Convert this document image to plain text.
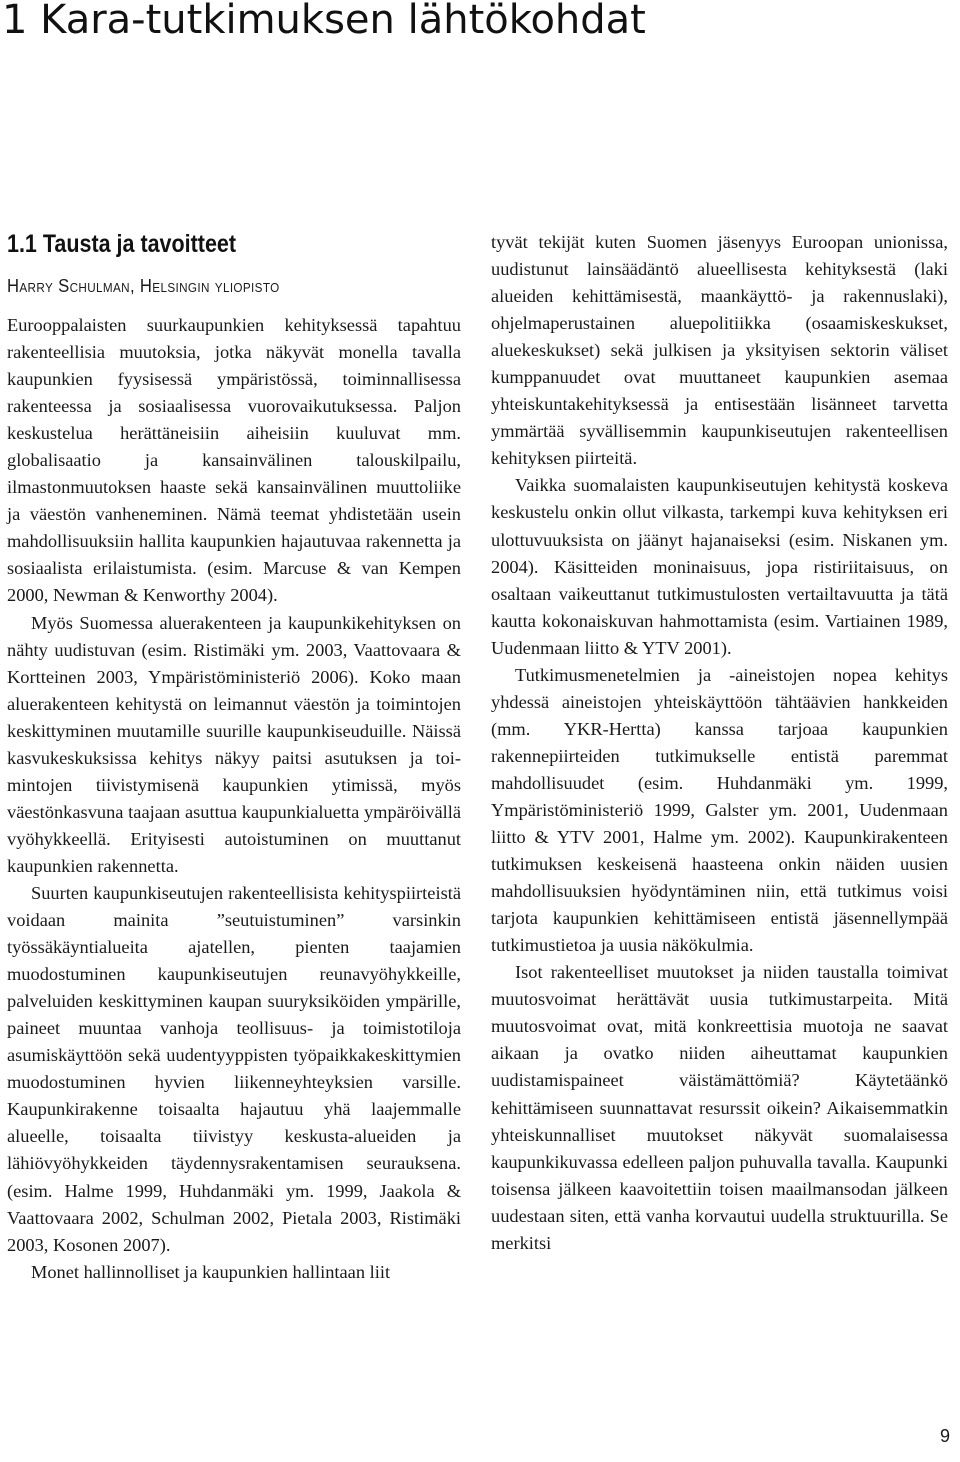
1 Kara-tutkimuksen lähtökohdat
1.1 Tausta ja tavoitteet
Harry Schulman, Helsingin yliopisto

Eurooppalaisten suurkaupunkien kehityksessä tapahtuu rakenteellisia muutoksia, jotka näkyvät monella tavalla kaupunkien fyysisessä ympäristössä, toiminnallisessa rakenteessa ja sosiaalisessa vuorovaikutuksessa. Paljon keskustelua herättäneisiin aiheisiin kuuluvat mm. globalisaatio ja kansainvälinen talouskilpailu, ilmastonmuutoksen haaste sekä kansainvälinen muuttoliike ja väestön vanheneminen. Nämä teemat yhdistetään usein mahdollisuuksiin hallita kaupunkien hajautuvaa rakennetta ja sosiaalista erilaistumista. (esim. Marcuse & van Kempen 2000, Newman & Kenworthy 2004).

Myös Suomessa aluerakenteen ja kaupunkikehityksen on nähty uudistuvan (esim. Ristimäki ym. 2003, Vaattovaara & Kortteinen 2003, Ympäristöministeriö 2006). Koko maan aluerakenteen kehitystä on leimannut väestön ja toimintojen keskittyminen muutamille suurille kaupunkiseuduille. Näissä kasvukeskuksissa kehitys näkyy paitsi asutuksen ja toimintojen tiivistymisenä kaupunkien ytimissä, myös väestönkasvuna taajaan asuttua kaupunkialuetta ympäröivällä vyöhykkeellä. Erityisesti autoistuminen on muuttanut kaupunkien rakennetta.

Suurten kaupunkiseutujen rakenteellisista kehityspiirteistä voidaan mainita ”seutuistuminen” varsinkin työssäkäyntialueita ajatellen, pienten taajamien muodostuminen kaupunkiseutujen reunavyöhykkeille, palveluiden keskittyminen kaupan suuryksiköiden ympärille, paineet muuntaa vanhoja teollisuus- ja toimistotiloja asumiskäyttöön sekä uudentyyppisten työpaikkakeskittymien muodostuminen hyvien liikenneyhteyksien varsille. Kaupunkirakenne toisaalta hajautuu yhä laajemmalle alueelle, toisaalta tiivistyy keskusta-alueiden ja lähiövyöhykkeiden täydennysrakentamisen seurauksena. (esim. Halme 1999, Huhdanmäki ym. 1999, Jaakola & Vaattovaara 2002, Schulman 2002, Pietala 2003, Ristimäki 2003, Kosonen 2007).

Monet hallinnolliset ja kaupunkien hallintaan liit

tyvät tekijät kuten Suomen jäsenyys Euroopan unionissa, uudistunut lainsäädäntö alueellisesta kehityksestä (laki alueiden kehittämisestä, maankäyttö- ja rakennuslaki), ohjelmaperustainen aluepolitiikka (osaamiskeskukset, aluekeskukset) sekä julkisen ja yksityisen sektorin väliset kumppanuudet ovat muuttaneet kaupunkien asemaa yhteiskuntakehityksessä ja entisestään lisänneet tarvetta ymmärtää syvällisemmin kaupunkiseutujen rakenteellisen kehityksen piirteitä.

Vaikka suomalaisten kaupunkiseutujen kehitystä koskeva keskustelu onkin ollut vilkasta, tarkempi kuva kehityksen eri ulottuvuuksista on jäänyt hajanaiseksi (esim. Niskanen ym. 2004). Käsitteiden moninaisuus, jopa ristiriitaisuus, on osaltaan vaikeuttanut tutkimustulosten vertailtavuutta ja tätä kautta kokonaiskuvan hahmottamista (esim. Vartiainen 1989, Uudenmaan liitto & YTV 2001).

Tutkimusmenetelmien ja -aineistojen nopea kehitys yhdessä aineistojen yhteiskäyttöön tähtäävien hankkeiden (mm. YKR-Hertta) kanssa tarjoaa kaupunkien rakennepiirteiden tutkimukselle entistä paremmat mahdollisuudet (esim. Huhdanmäki ym. 1999, Ympäristöministeriö 1999, Galster ym. 2001, Uudenmaan liitto & YTV 2001, Halme ym. 2002). Kaupunkirakenteen tutkimuksen keskeisenä haasteena onkin näiden uusien mahdollisuuksien hyödyntäminen niin, että tutkimus voisi tarjota kaupunkien kehittämiseen entistä jäsennellympää tutkimustietoa ja uusia näkökulmia.

Isot rakenteelliset muutokset ja niiden taustalla toimivat muutosvoimat herättävät uusia tutkimustarpeita. Mitä muutosvoimat ovat, mitä konkreettisia muotoja ne saavat aikaan ja ovatko niiden aiheuttamat kaupunkien uudistamispaineet väistämättömiä? Käytetäänkö kehittämiseen suunnattavat resurssit oikein? Aikaisemmatkin yhteiskunnalliset muutokset näkyvät suomalaisessa kaupunkikuvassa edelleen paljon puhuvalla tavalla. Kaupunki toisensa jälkeen kaavoitettiin toisen maailmansodan jälkeen uudestaan siten, että vanha korvautui uudella struktuurilla. Se merkitsi

9
